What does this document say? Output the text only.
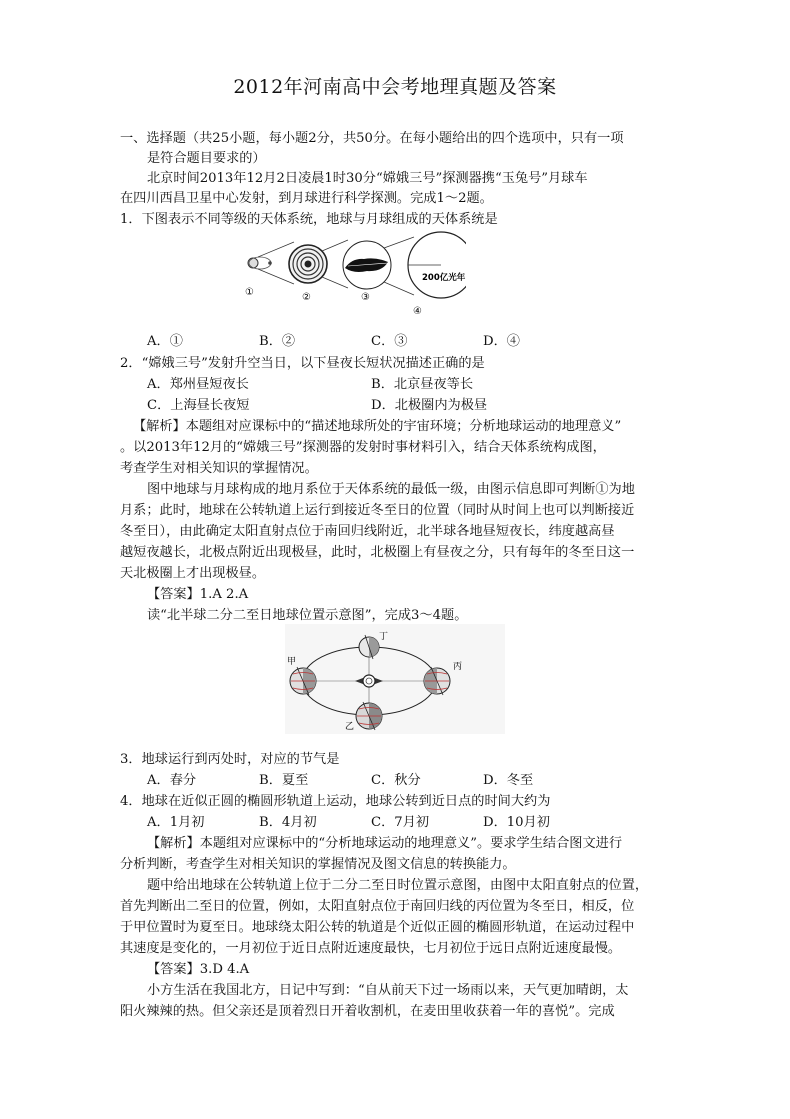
2012年河南高中会考地理真题及答案
一、选择题（共25小题，每小题2分，共50分。在每小题给出的四个选项中，只有一项
是符合题目要求的）
北京时间2013年12月2日凌晨1时30分“嫦娥三号”探测器携“玉兔号”月球车
在四川西昌卫星中心发射，到月球进行科学探测。完成1～2题。
1．下图表示不同等级的天体系统，地球与月球组成的天体系统是
200亿光年
①	②	③
④
A．①	B．②	C．③	D．④
2．“嫦娥三号”发射升空当日，以下昼夜长短状况描述正确的是
A．郑州昼短夜长	B．北京昼夜等长
C．上海昼长夜短	D．北极圈内为极昼
【解析】本题组对应课标中的“描述地球所处的宇宙环境；分析地球运动的地理意义”
。以2013年12月的“嫦娥三号”探测器的发射时事材料引入，结合天体系统构成图，
考查学生对相关知识的掌握情况。
图中地球与月球构成的地月系位于天体系统的最低一级，由图示信息即可判断①为地
月系；此时，地球在公转轨道上运行到接近冬至日的位置（同时从时间上也可以判断接近
冬至日），由此确定太阳直射点位于南回归线附近，北半球各地昼短夜长，纬度越高昼
越短夜越长，北极点附近出现极昼，此时，北极圈上有昼夜之分，只有每年的冬至日这一
天北极圈上才出现极昼。
【答案】1.A 2.A
读“北半球二分二至日地球位置示意图”，完成3～4题。
丁
甲	丙
乙
3．地球运行到丙处时，对应的节气是
A．春分	B．夏至	C．秋分	D．冬至
4．地球在近似正圆的椭圆形轨道上运动，地球公转到近日点的时间大约为
A．1月初	B．4月初	C．7月初	D．10月初
【解析】本题组对应课标中的“分析地球运动的地理意义”。要求学生结合图文进行
分析判断，考查学生对相关知识的掌握情况及图文信息的转换能力。
题中给出地球在公转轨道上位于二分二至日时位置示意图，由图中太阳直射点的位置，
首先判断出二至日的位置，例如，太阳直射点位于南回归线的丙位置为冬至日，相反，位
于甲位置时为夏至日。地球绕太阳公转的轨道是个近似正圆的椭圆形轨道，在运动过程中
其速度是变化的，一月初位于近日点附近速度最快，七月初位于远日点附近速度最慢。
【答案】3.D 4.A
小方生活在我国北方，日记中写到：“自从前天下过一场雨以来，天气更加晴朗，太
阳火辣辣的热。但父亲还是顶着烈日开着收割机，在麦田里收获着一年的喜悦”。完成
